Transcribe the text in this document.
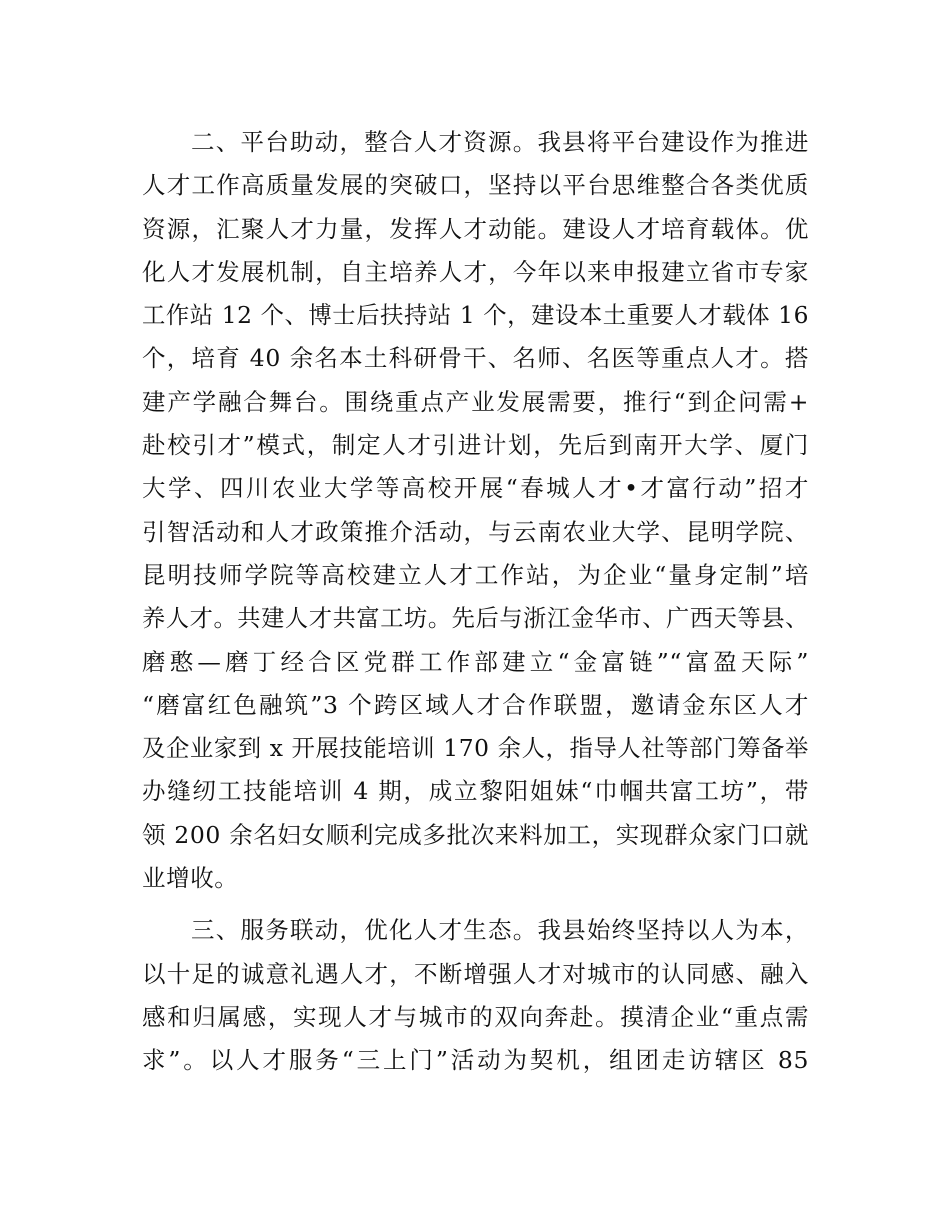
二、平台助动，整合人才资源。我县将平台建设作为推进
人才工作高质量发展的突破口，坚持以平台思维整合各类优质
资源，汇聚人才力量，发挥人才动能。建设人才培育载体。优
化人才发展机制，自主培养人才，今年以来申报建立省市专家
工作站 12 个、博士后扶持站 1 个，建设本土重要人才载体 16
个，培育 40 余名本土科研骨干、名师、名医等重点人才。搭
建产学融合舞台。围绕重点产业发展需要，推行“到企问需+
赴校引才”模式，制定人才引进计划，先后到南开大学、厦门
大学、四川农业大学等高校开展“春城人才•才富行动”招才
引智活动和人才政策推介活动，与云南农业大学、昆明学院、
昆明技师学院等高校建立人才工作站，为企业“量身定制”培
养人才。共建人才共富工坊。先后与浙江金华市、广西天等县、
磨憨—磨丁经合区党群工作部建立“金富链”“富盈天际”
“磨富红色融筑”3 个跨区域人才合作联盟，邀请金东区人才
及企业家到 x 开展技能培训 170 余人，指导人社等部门筹备举
办缝纫工技能培训 4 期，成立黎阳姐妹“巾帼共富工坊”，带
领 200 余名妇女顺利完成多批次来料加工，实现群众家门口就
业增收。
三、服务联动，优化人才生态。我县始终坚持以人为本，
以十足的诚意礼遇人才，不断增强人才对城市的认同感、融入
感和归属感，实现人才与城市的双向奔赴。摸清企业“重点需
求”。以人才服务“三上门”活动为契机，组团走访辖区 85
